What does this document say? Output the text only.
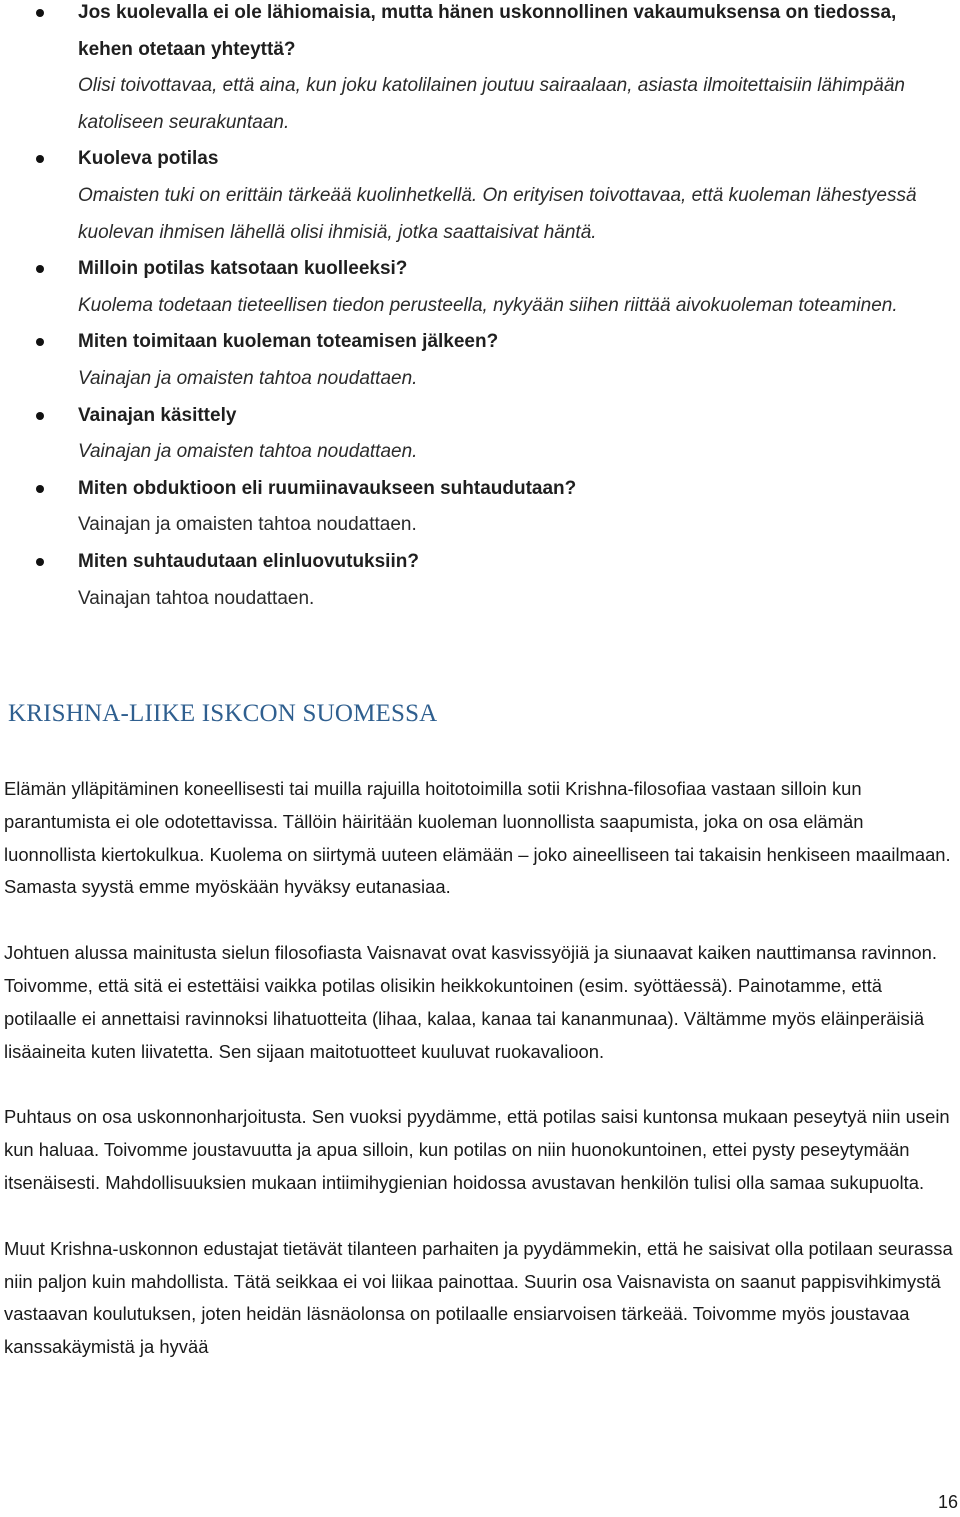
Jos kuolevalla ei ole lähiomaisia, mutta hänen uskonnollinen vakaumuksensa on tiedossa, kehen otetaan yhteyttä?
Olisi toivottavaa, että aina, kun joku katolilainen joutuu sairaalaan, asiasta ilmoitettaisiin lähimpään katoliseen seurakuntaan.
Kuoleva potilas
Omaisten tuki on erittäin tärkeää kuolinhetkellä. On erityisen toivottavaa, että kuoleman lähestyessä kuolevan ihmisen lähellä olisi ihmisiä, jotka saattaisivat häntä.
Milloin potilas katsotaan kuolleeksi?
Kuolema todetaan tieteellisen tiedon perusteella, nykyään siihen riittää aivokuoleman toteaminen.
Miten toimitaan kuoleman toteamisen jälkeen?
Vainajan ja omaisten tahtoa noudattaen.
Vainajan käsittely
Vainajan ja omaisten tahtoa noudattaen.
Miten obduktioon eli ruumiinavaukseen suhtaudutaan?
Vainajan ja omaisten tahtoa noudattaen.
Miten suhtaudutaan elinluovutuksiin?
Vainajan tahtoa noudattaen.
KRISHNA-LIIKE ISKCON SUOMESSA

Elämän ylläpitäminen koneellisesti tai muilla rajuilla hoitotoimilla sotii Krishna-filosofiaa vastaan silloin kun parantumista ei ole odotettavissa. Tällöin häiritään kuoleman luonnollista saapumista, joka on osa elämän luonnollista kiertokulkua. Kuolema on siirtymä uuteen elämään – joko aineelliseen tai takaisin henkiseen maailmaan. Samasta syystä emme myöskään hyväksy eutanasiaa.

Johtuen alussa mainitusta sielun filosofiasta Vaisnavat ovat kasvissyöjiä ja siunaavat kaiken nauttimansa ravinnon. Toivomme, että sitä ei estettäisi vaikka potilas olisikin heikkokuntoinen (esim. syöttäessä). Painotamme, että potilaalle ei annettaisi ravinnoksi lihatuotteita (lihaa, kalaa, kanaa tai kananmunaa). Vältämme myös eläinperäisiä lisäaineita kuten liivatetta. Sen sijaan maitotuotteet kuuluvat ruokavalioon.

Puhtaus on osa uskonnonharjoitusta. Sen vuoksi pyydämme, että potilas saisi kuntonsa mukaan peseytyä niin usein kun haluaa. Toivomme joustavuutta ja apua silloin, kun potilas on niin huonokuntoinen, ettei pysty peseytymään itsenäisesti. Mahdollisuuksien mukaan intiimihygienian hoidossa avustavan henkilön tulisi olla samaa sukupuolta.

Muut Krishna-uskonnon edustajat tietävät tilanteen parhaiten ja pyydämmekin, että he saisivat olla potilaan seurassa niin paljon kuin mahdollista. Tätä seikkaa ei voi liikaa painottaa. Suurin osa Vaisnavista on saanut pappisvihkimystä vastaavan koulutuksen, joten heidän läsnäolonsa on potilaalle ensiarvoisen tärkeää. Toivomme myös joustavaa kanssakäymistä ja hyvää

16
